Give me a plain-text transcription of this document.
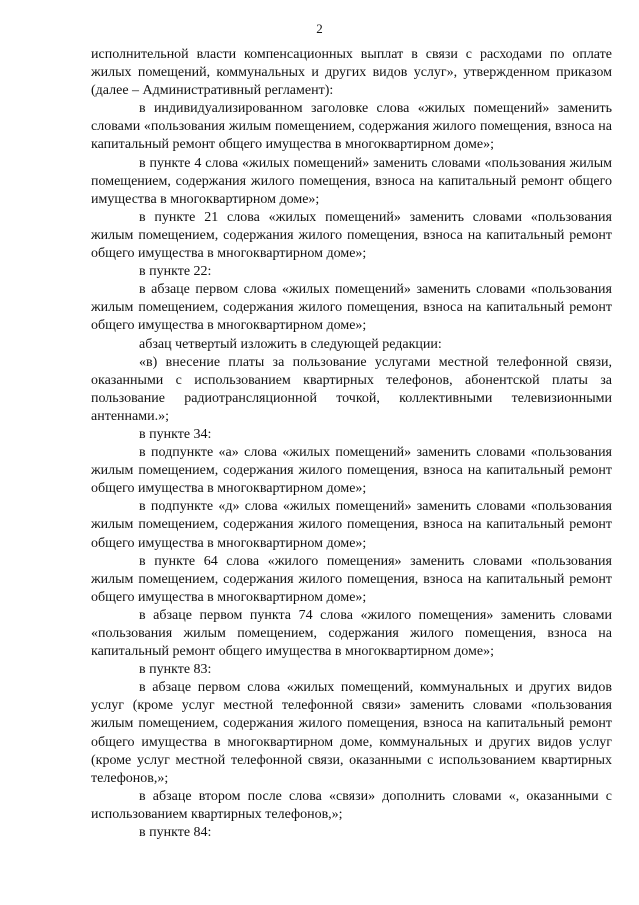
2

исполнительной власти компенсационных выплат в связи с расходами по оплате жилых помещений, коммунальных и других видов услуг», утвержденном приказом (далее – Административный регламент):

в индивидуализированном заголовке слова «жилых помещений» заменить словами «пользования жилым помещением, содержания жилого помещения, взноса на капитальный ремонт общего имущества в многоквартирном доме»;

в пункте 4 слова «жилых помещений» заменить словами «пользования жилым помещением, содержания жилого помещения, взноса на капитальный ремонт общего имущества в многоквартирном доме»;

в пункте 21 слова «жилых помещений» заменить словами «пользования жилым помещением, содержания жилого помещения, взноса на капитальный ремонт общего имущества в многоквартирном доме»;

в пункте 22:

в абзаце первом слова «жилых помещений» заменить словами «пользования жилым помещением, содержания жилого помещения, взноса на капитальный ремонт общего имущества в многоквартирном доме»;

абзац четвертый изложить в следующей редакции:

«в) внесение платы за пользование услугами местной телефонной связи, оказанными с использованием квартирных телефонов, абонентской платы за пользование радиотрансляционной точкой, коллективными телевизионными антеннами.»;

в пункте 34:

в подпункте «а» слова «жилых помещений» заменить словами «пользования жилым помещением, содержания жилого помещения, взноса на капитальный ремонт общего имущества в многоквартирном доме»;

в подпункте «д» слова «жилых помещений» заменить словами «пользования жилым помещением, содержания жилого помещения, взноса на капитальный ремонт общего имущества в многоквартирном доме»;

в пункте 64 слова «жилого помещения» заменить словами «пользования жилым помещением, содержания жилого помещения, взноса на капитальный ремонт общего имущества в многоквартирном доме»;

в абзаце первом пункта 74 слова «жилого помещения» заменить словами «пользования жилым помещением, содержания жилого помещения, взноса на капитальный ремонт общего имущества в многоквартирном доме»;

в пункте 83:

в абзаце первом слова «жилых помещений, коммунальных и других видов услуг (кроме услуг местной телефонной связи» заменить словами «пользования жилым помещением, содержания жилого помещения, взноса на капитальный ремонт общего имущества в многоквартирном доме, коммунальных и других видов услуг (кроме услуг местной телефонной связи, оказанными с использованием квартирных телефонов,»;

в абзаце втором после слова «связи» дополнить словами «, оказанными с использованием квартирных телефонов,»;

в пункте 84:
